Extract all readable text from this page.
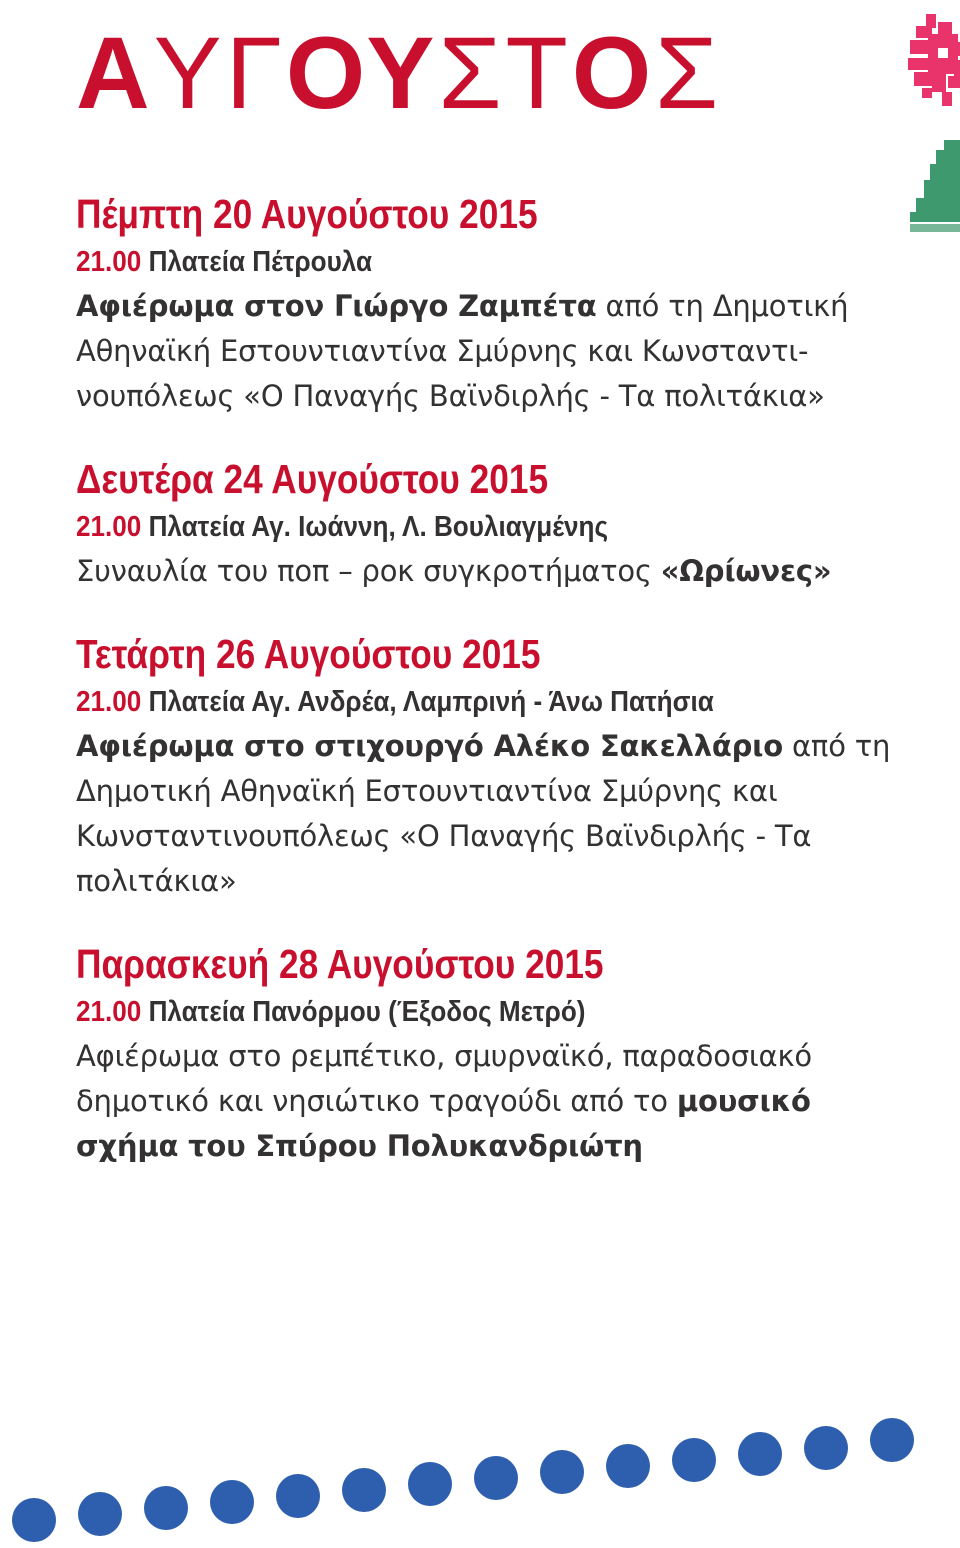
ΑΥΓΟΥΣΤΟΣ
Πέμπτη 20 Αυγούστου 2015
21.00 Πλατεία Πέτρουλα
Αφιέρωμα στον Γιώργο Ζαμπέτα από τη Δημοτική Αθηναϊκή Εστουντιαντίνα Σμύρνης και Κωνσταντι-νουπόλεως «Ο Παναγής Βαϊνδιρλής - Τα πολιτάκια»
Δευτέρα 24 Αυγούστου 2015
21.00 Πλατεία Αγ. Ιωάννη, Λ. Βουλιαγμένης
Συναυλία του ποπ – ροκ συγκροτήματος «Ωρίωνες»
Τετάρτη 26 Αυγούστου 2015
21.00 Πλατεία Αγ. Ανδρέα, Λαμπρινή - Άνω Πατήσια
Αφιέρωμα στο στιχουργό Αλέκο Σακελλάριο από τη Δημοτική Αθηναϊκή Εστουντιαντίνα Σμύρνης και Κωνσταντινουπόλεως «Ο Παναγής Βαϊνδιρλής - Τα πολιτάκια»
Παρασκευή 28 Αυγούστου 2015
21.00 Πλατεία Πανόρμου (Έξοδος Μετρό)
Αφιέρωμα στο ρεμπέτικο, σμυρναϊκό, παραδοσιακό δημοτικό και νησιώτικο τραγούδι από το μουσικό σχήμα του Σπύρου Πολυκανδριώτη
